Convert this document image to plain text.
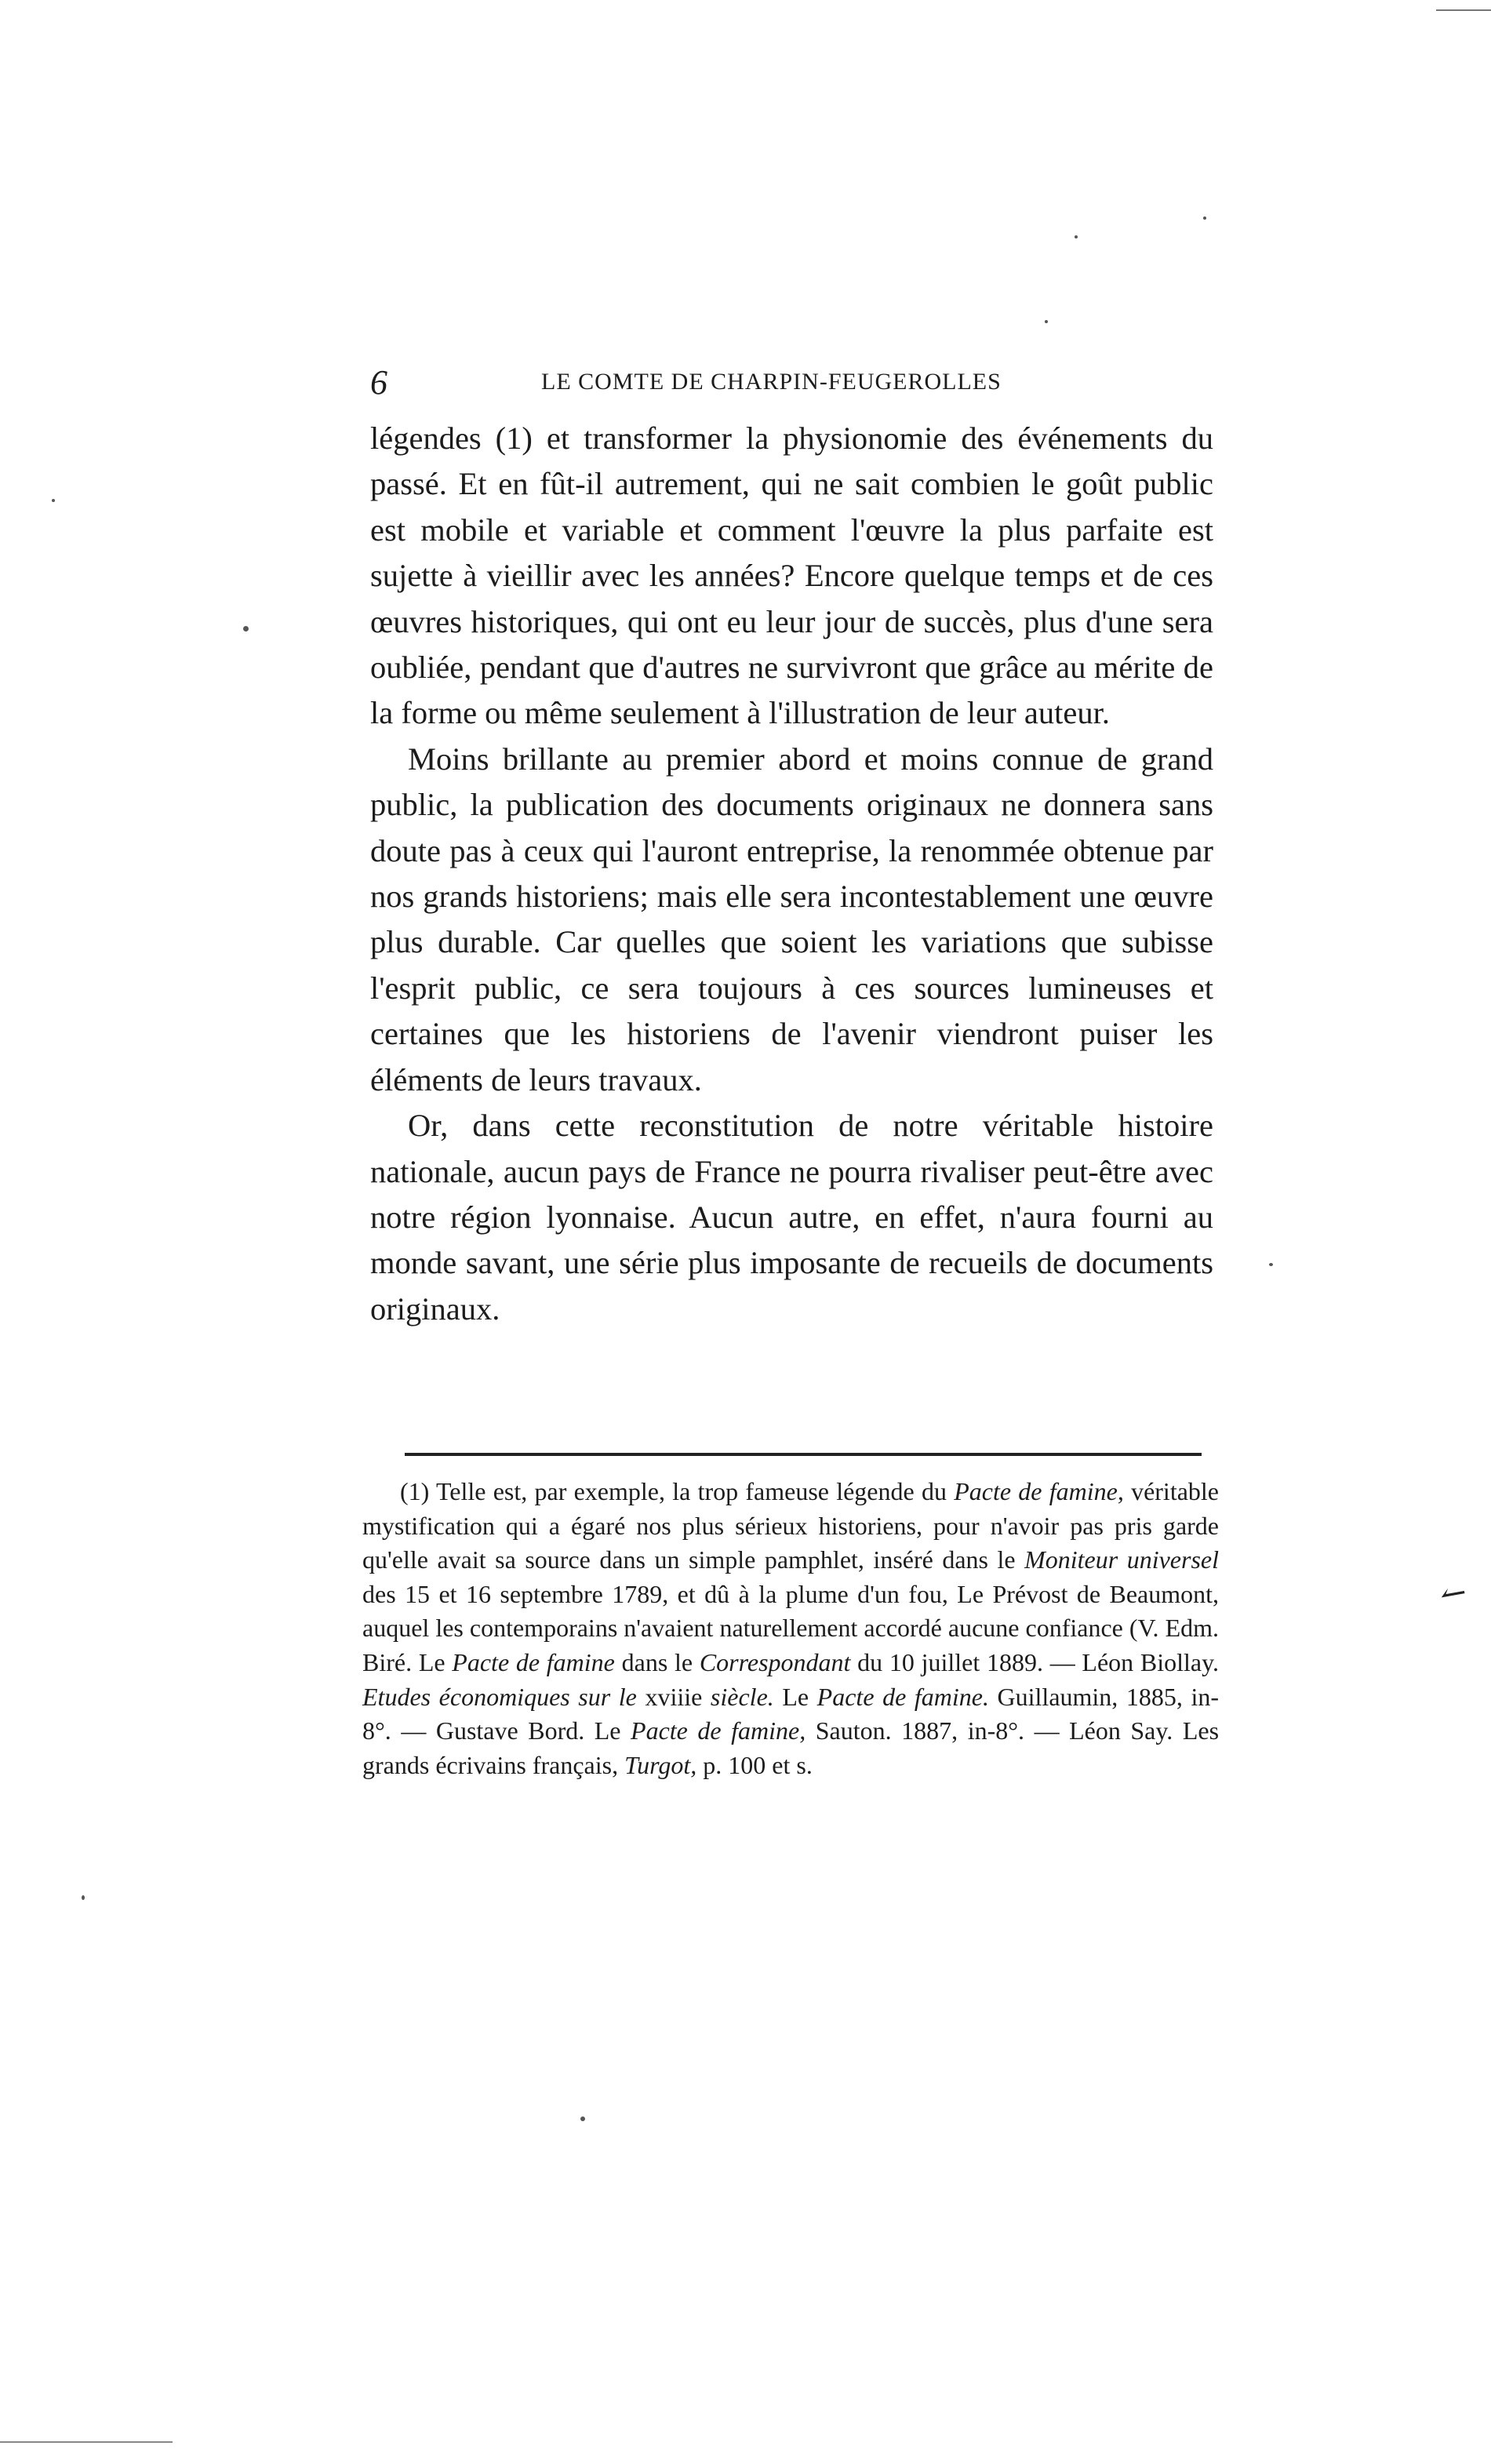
6	LE COMTE DE CHARPIN-FEUGEROLLES

légendes (1) et transformer la physionomie des événements du passé. Et en fût-il autrement, qui ne sait combien le goût public est mobile et variable et comment l'œuvre la plus parfaite est sujette à vieillir avec les années? Encore quelque temps et de ces œuvres historiques, qui ont eu leur jour de succès, plus d'une sera oubliée, pendant que d'autres ne survivront que grâce au mérite de la forme ou même seulement à l'illustration de leur auteur.

Moins brillante au premier abord et moins connue de grand public, la publication des documents originaux ne donnera sans doute pas à ceux qui l'auront entreprise, la renommée obtenue par nos grands historiens; mais elle sera incontestablement une œuvre plus durable. Car quelles que soient les variations que subisse l'esprit public, ce sera toujours à ces sources lumineuses et certaines que les historiens de l'avenir viendront puiser les éléments de leurs travaux.

Or, dans cette reconstitution de notre véritable histoire nationale, aucun pays de France ne pourra rivaliser peut-être avec notre région lyonnaise. Aucun autre, en effet, n'aura fourni au monde savant, une série plus imposante de recueils de documents originaux.

(1) Telle est, par exemple, la trop fameuse légende du Pacte de famine, véritable mystification qui a égaré nos plus sérieux historiens, pour n'avoir pas pris garde qu'elle avait sa source dans un simple pamphlet, inséré dans le Moniteur universel des 15 et 16 septembre 1789, et dû à la plume d'un fou, Le Prévost de Beaumont, auquel les contemporains n'avaient naturellement accordé aucune confiance (V. Edm. Biré. Le Pacte de famine dans le Correspondant du 10 juillet 1889. — Léon Biollay. Etudes économiques sur le xviiie siècle. Le Pacte de famine. Guillaumin, 1885, in-8°. — Gustave Bord. Le Pacte de famine, Sauton. 1887, in-8°. — Léon Say. Les grands écrivains français, Turgot, p. 100 et s.

↼
